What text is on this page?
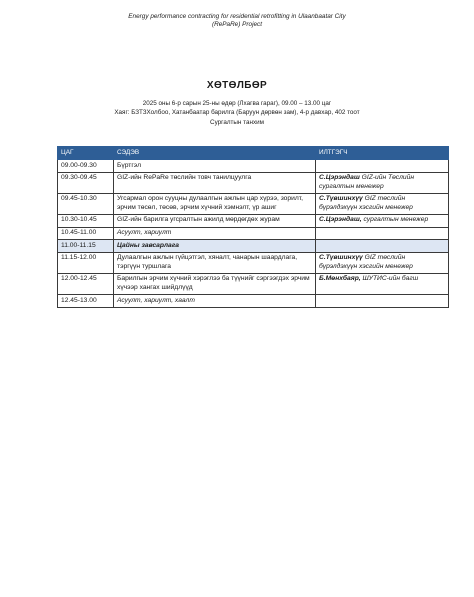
Energy performance contracting for residential retrofitting in Ulaanbaatar City
(RePaRe) Project
ХӨТӨЛБӨР
2025 оны 6-р сарын 25-ны өдөр (Лхагва гараг), 09.00 – 13.00 цаг
Хаяг: БЗТЗХолбоо, Хатанбаатар барилга (Баруун дөрвөн зам), 4-р давхар, 402 тоот
Сургалтын танхим
ЦАГ	СЭДЭВ	ИЛТГЭГЧ
09.00-09.30	Бүртгэл	
09.30-09.45	GIZ-ийн RePaRe төслийн товч танилцуулга	С.Цэрэндаш GIZ-ийн Төслийн сургалтын менежер
09.45-10.30	Угсармал орон сууцны дулаалгын ажлын цар хүрээ, зорилт, эрчим төсөл, төсөв, эрчим хүчний хэмнэлт, үр ашиг	С.Түвшинхүү GIZ төслийн бүрэлдэхүүн хэсгийн менежер
10.30-10.45	GIZ-ийн барилга угсралтын ажилд мөрдөгдөх журам	С.Цэрэндаш, сургалтын менежер
10.45-11.00	Асуулт, хариулт	
11.00-11.15	Цайны завсарлага	
11.15-12.00	Дулаалгын ажлын гүйцэтгэл, хяналт, чанарын шаардлага, тэргүүн туршлага	С.Түвшинхүү GIZ төслийн бүрэлдэхүүн хэсгийн менежер
12.00-12.45	Барилгын эрчим хүчний хэрэглээ ба түүнийг сэргээгдэх эрчим хүчээр хангах шийдлүүд	Б.Мөнхбаяр, ШУТИС-ийн багш
12.45-13.00	Асуулт, хариулт, хаалт	
